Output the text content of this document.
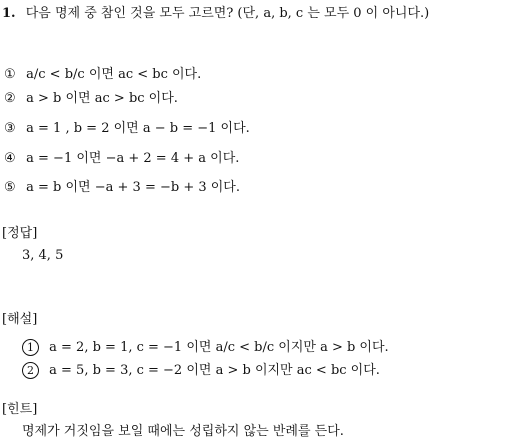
1. 다음 명제 중 참인 것을 모두 고르면? (단, a, b, c 는 모두 0 이 아니다.)
① a/c < b/c 이면 ac < bc 이다.
② a > b 이면 ac > bc 이다.
③ a = 1 , b = 2 이면 a − b = −1 이다.
④ a = −1 이면 −a + 2 = 4 + a 이다.
⑤ a = b 이면 −a + 3 = −b + 3 이다.
[정답]
3, 4, 5
[해설]
1 a = 2, b = 1, c = −1 이면 a/c < b/c 이지만 a > b 이다.
2 a = 5, b = 3, c = −2 이면 a > b 이지만 ac < bc 이다.
[힌트]
명제가 거짓임을 보일 때에는 성립하지 않는 반례를 든다.
